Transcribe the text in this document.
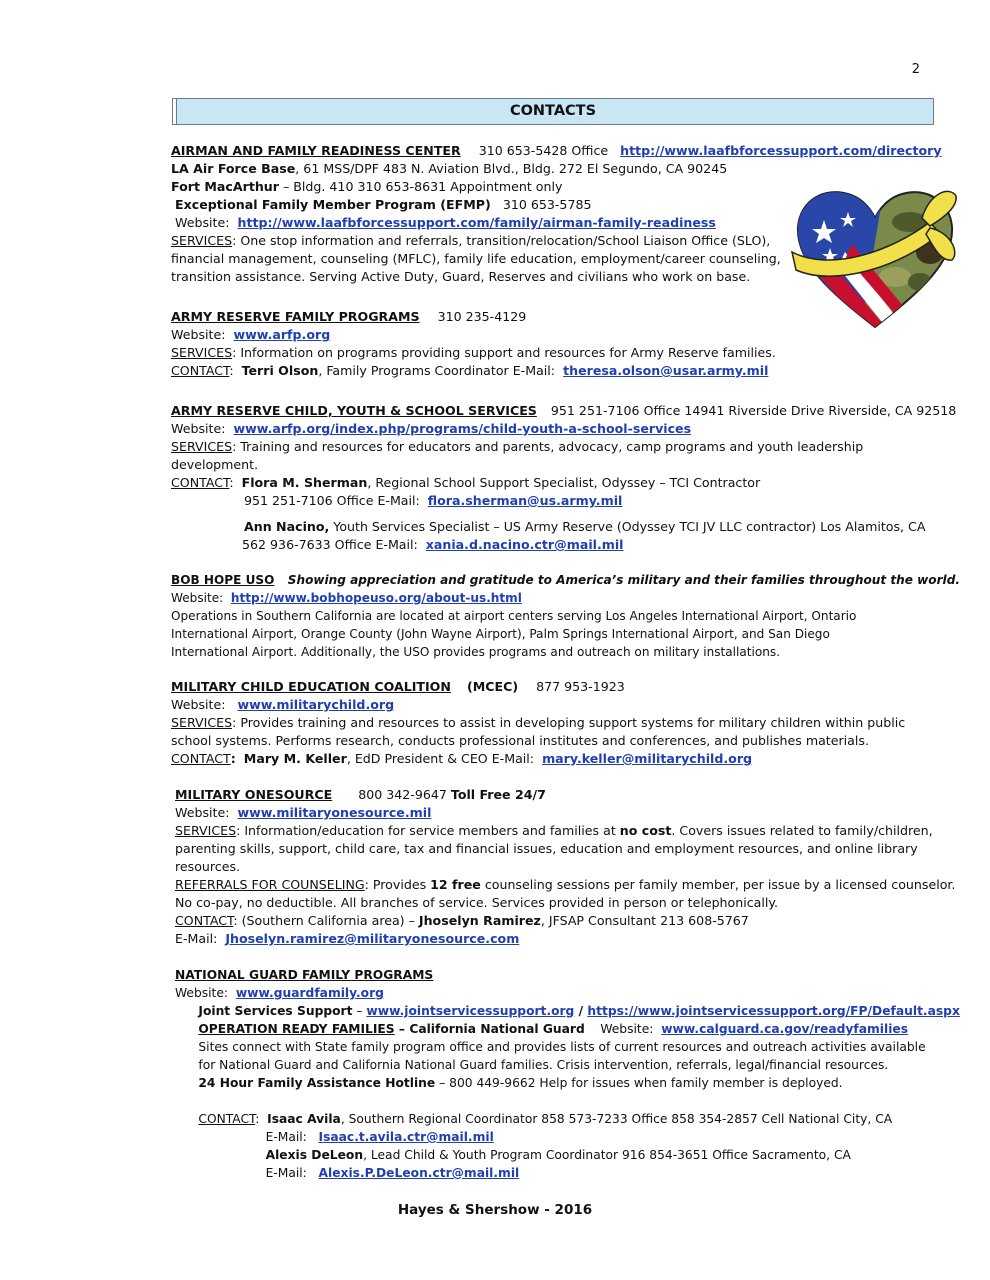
2
CONTACTS
AIRMAN AND FAMILY READINESS CENTER 310 653-5428 Office http://www.laafbforcessupport.com/directory
LA Air Force Base, 61 MSS/DPF 483 N. Aviation Blvd., Bldg. 272 El Segundo, CA 90245
Fort MacArthur – Bldg. 410 310 653-8631 Appointment only
Exceptional Family Member Program (EFMP) 310 653-5785
Website: http://www.laafbforcessupport.com/family/airman-family-readiness
SERVICES: One stop information and referrals, transition/relocation/School Liaison Office (SLO),
financial management, counseling (MFLC), family life education, employment/career counseling,
transition assistance. Serving Active Duty, Guard, Reserves and civilians who work on base.
ARMY RESERVE FAMILY PROGRAMS 310 235-4129
Website: www.arfp.org
SERVICES: Information on programs providing support and resources for Army Reserve families.
CONTACT:  Terri Olson, Family Programs Coordinator E-Mail: theresa.olson@usar.army.mil
ARMY RESERVE CHILD, YOUTH & SCHOOL SERVICES 951 251-7106 Office 14941 Riverside Drive Riverside, CA 92518
Website: www.arfp.org/index.php/programs/child-youth-a-school-services
SERVICES: Training and resources for educators and parents, advocacy, camp programs and youth leadership
development.
CONTACT:  Flora M. Sherman, Regional School Support Specialist, Odyssey – TCI Contractor
951 251-7106 Office E-Mail: flora.sherman@us.army.mil
Ann Nacino, Youth Services Specialist – US Army Reserve (Odyssey TCI JV LLC contractor) Los Alamitos, CA
562 936-7633 Office E-Mail: xania.d.nacino.ctr@mail.mil
BOB HOPE USO Showing appreciation and gratitude to America’s military and their families throughout the world.
Website: http://www.bobhopeuso.org/about-us.html
Operations in Southern California are located at airport centers serving Los Angeles International Airport, Ontario
International Airport, Orange County (John Wayne Airport), Palm Springs International Airport, and San Diego
International Airport. Additionally, the USO provides programs and outreach on military installations.
MILITARY CHILD EDUCATION COALITION (MCEC) 877 953-1923
Website: www.militarychild.org
SERVICES: Provides training and resources to assist in developing support systems for military children within public
school systems. Performs research, conducts professional institutes and conferences, and publishes materials.
CONTACT: Mary M. Keller, EdD President & CEO E-Mail: mary.keller@militarychild.org
MILITARY ONESOURCE 800 342-9647 Toll Free 24/7
Website: www.militaryonesource.mil
SERVICES: Information/education for service members and families at no cost. Covers issues related to family/children,
parenting skills, support, child care, tax and financial issues, education and employment resources, and online library
resources.
REFERRALS FOR COUNSELING: Provides 12 free counseling sessions per family member, per issue by a licensed counselor.
No co-pay, no deductible. All branches of service. Services provided in person or telephonically.
CONTACT: (Southern California area) – Jhoselyn Ramirez, JFSAP Consultant 213 608-5767
E-Mail: Jhoselyn.ramirez@militaryonesource.com
NATIONAL GUARD FAMILY PROGRAMS
Website: www.guardfamily.org
Joint Services Support – www.jointservicessupport.org / https://www.jointservicessupport.org/FP/Default.aspx
OPERATION READY FAMILIES – California National Guard Website: www.calguard.ca.gov/readyfamilies
Sites connect with State family program office and provides lists of current resources and outreach activities available
for National Guard and California National Guard families. Crisis intervention, referrals, legal/financial resources.
24 Hour Family Assistance Hotline – 800 449-9662 Help for issues when family member is deployed.
CONTACT:  Isaac Avila, Southern Regional Coordinator 858 573-7233 Office 858 354-2857 Cell National City, CA
E-Mail: Isaac.t.avila.ctr@mail.mil
Alexis DeLeon, Lead Child & Youth Program Coordinator 916 854-3651 Office Sacramento, CA
E-Mail: Alexis.P.DeLeon.ctr@mail.mil
Hayes & Shershow - 2016
